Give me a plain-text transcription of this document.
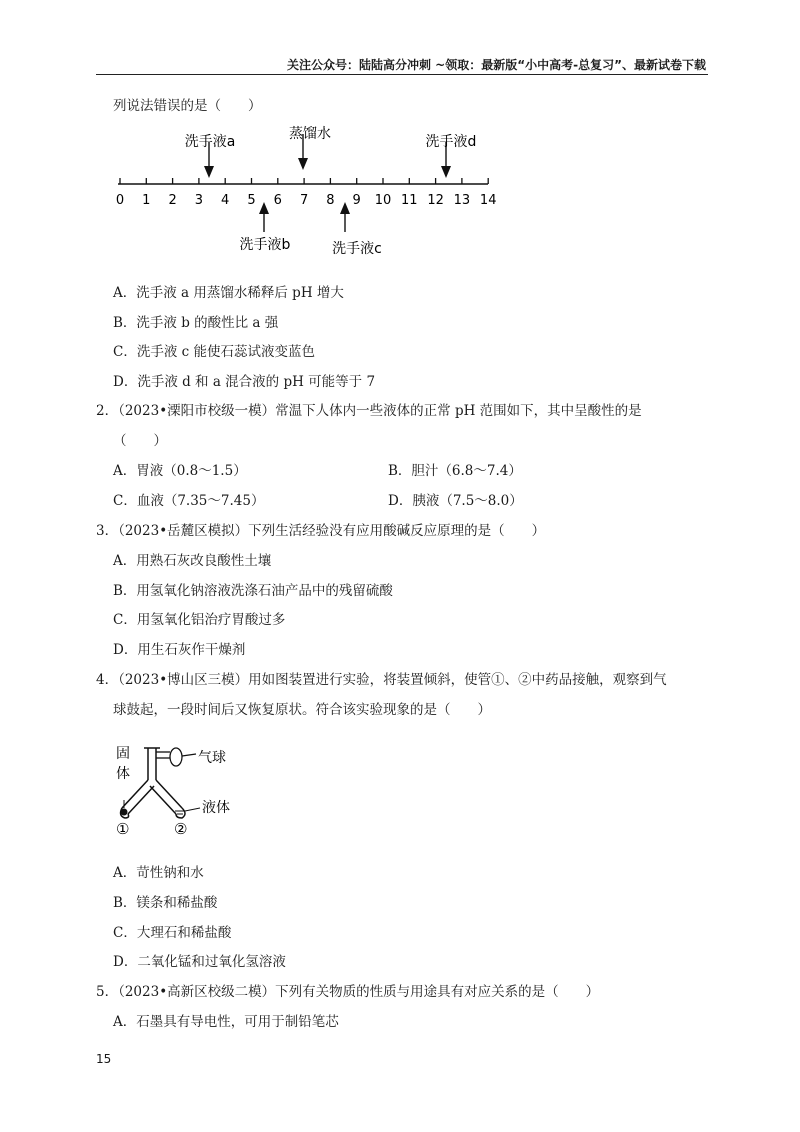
关注公众号：陆陆高分冲刺 ~领取：最新版“小中高考-总复习”、最新试卷下载
列说法错误的是（　　）
0 1 2 3 4 5 6 7 8 9 10 11 12 13 14
洗手液a	蒸馏水	洗手液d
洗手液b	洗手液c
A．洗手液 a 用蒸馏水稀释后 pH 增大
B．洗手液 b 的酸性比 a 强
C．洗手液 c 能使石蕊试液变蓝色
D．洗手液 d 和 a 混合液的 pH 可能等于 7
2．（2023•溧阳市校级一模）常温下人体内一些液体的正常 pH 范围如下，其中呈酸性的是
（　　）
A．胃液（0.8～1.5）	B．胆汁（6.8～7.4）
C．血液（7.35～7.45）	D．胰液（7.5～8.0）
3．（2023•岳麓区模拟）下列生活经验没有应用酸碱反应原理的是（　　）
A．用熟石灰改良酸性土壤
B．用氢氧化钠溶液洗涤石油产品中的残留硫酸
C．用氢氧化铝治疗胃酸过多
D．用生石灰作干燥剂
4．（2023•博山区三模）用如图装置进行实验，将装置倾斜，使管①、②中药品接触，观察到气
球鼓起，一段时间后又恢复原状。符合该实验现象的是（　　）
固
体
气球
液体
①	②
A．苛性钠和水
B．镁条和稀盐酸
C．大理石和稀盐酸
D．二氧化锰和过氧化氢溶液
5．（2023•高新区校级二模）下列有关物质的性质与用途具有对应关系的是（　　）
A．石墨具有导电性，可用于制铅笔芯
15
